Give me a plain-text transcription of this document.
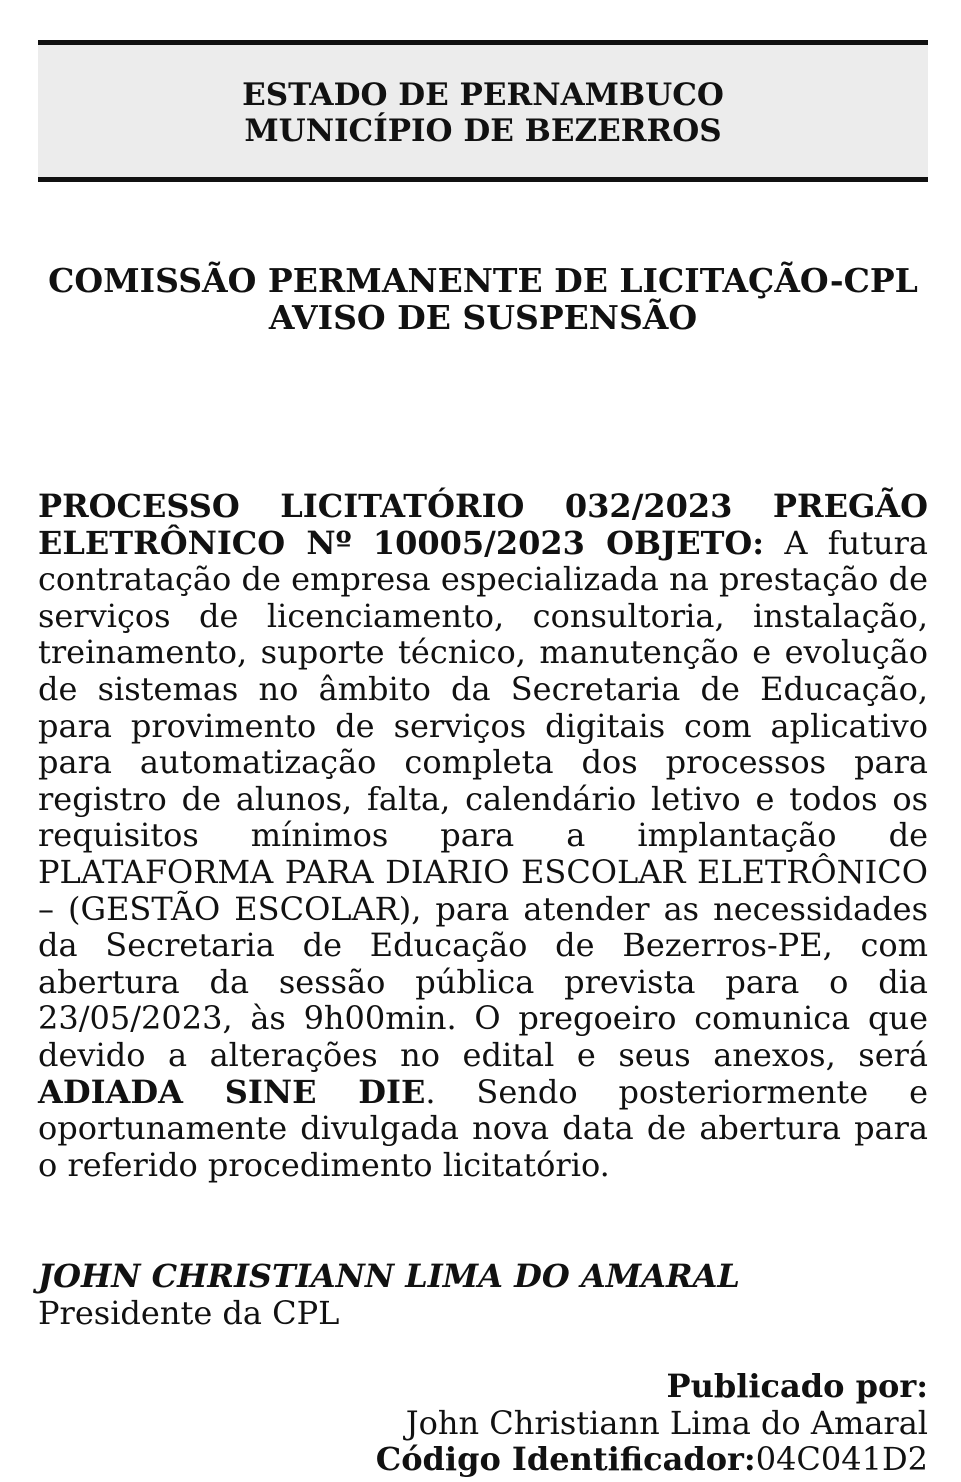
ESTADO DE PERNAMBUCO
MUNICÍPIO DE BEZERROS
COMISSÃO PERMANENTE DE LICITAÇÃO-CPL
AVISO DE SUSPENSÃO
PROCESSO LICITATÓRIO 032/2023 PREGÃO ELETRÔNICO Nº 10005/2023 OBJETO: A futura contratação de empresa especializada na prestação de serviços de licenciamento, consultoria, instalação, treinamento, suporte técnico, manutenção e evolução de sistemas no âmbito da Secretaria de Educação, para provimento de serviços digitais com aplicativo para automatização completa dos processos para registro de alunos, falta, calendário letivo e todos os requisitos mínimos para a implantação de PLATAFORMA PARA DIARIO ESCOLAR ELETRÔNICO – (GESTÃO ESCOLAR), para atender as necessidades da Secretaria de Educação de Bezerros-PE, com abertura da sessão pública prevista para o dia 23/05/2023, às 9h00min. O pregoeiro comunica que devido a alterações no edital e seus anexos, será ADIADA SINE DIE. Sendo posteriormente e oportunamente divulgada nova data de abertura para o referido procedimento licitatório.
JOHN CHRISTIANN LIMA DO AMARAL
Presidente da CPL
Publicado por:
John Christiann Lima do Amaral
Código Identificador:04C041D2
